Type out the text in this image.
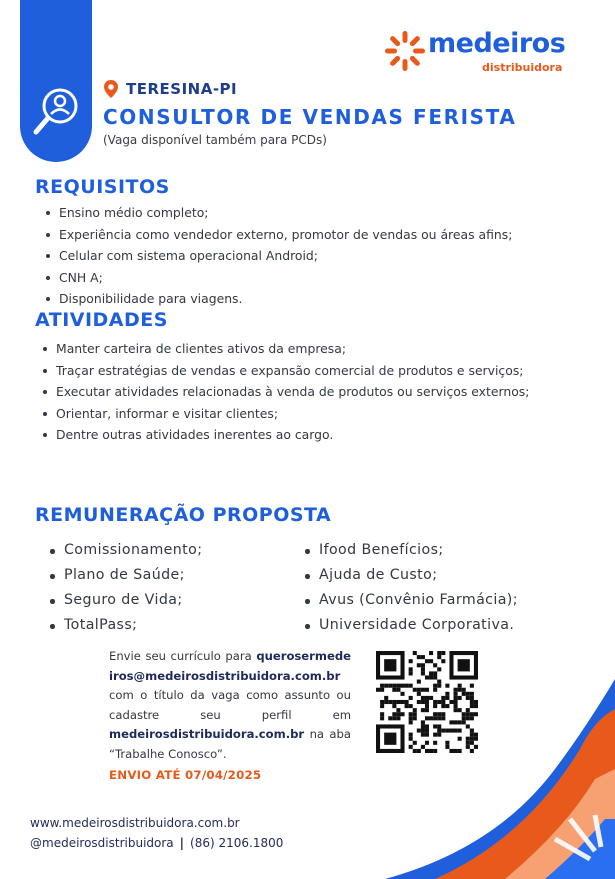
medeiros
distribuidora
TERESINA-PI
CONSULTOR DE VENDAS FERISTA
(Vaga disponível também para PCDs)
REQUISITOS
Ensino médio completo;
Experiência como vendedor externo, promotor de vendas ou áreas afins;
Celular com sistema operacional Android;
CNH A;
Disponibilidade para viagens.
ATIVIDADES
Manter carteira de clientes ativos da empresa;
Traçar estratégias de vendas e expansão comercial de produtos e serviços;
Executar atividades relacionadas à venda de produtos ou serviços externos;
Orientar, informar e visitar clientes;
Dentre outras atividades inerentes ao cargo.
REMUNERAÇÃO PROPOSTA
Comissionamento;
Plano de Saúde;
Seguro de Vida;
TotalPass;
Ifood Benefícios;
Ajuda de Custo;
Avus (Convênio Farmácia);
Universidade Corporativa.

Envie seu currículo para querosermedeiros@medeirosdistribuidora.com.br com o título da vaga como assunto ou cadastre seu perfil em medeirosdistribuidora.com.br na aba “Trabalhe Conosco”.

ENVIO ATÉ 07/04/2025
www.medeirosdistribuidora.com.br
@medeirosdistribuidora | (86) 2106.1800
